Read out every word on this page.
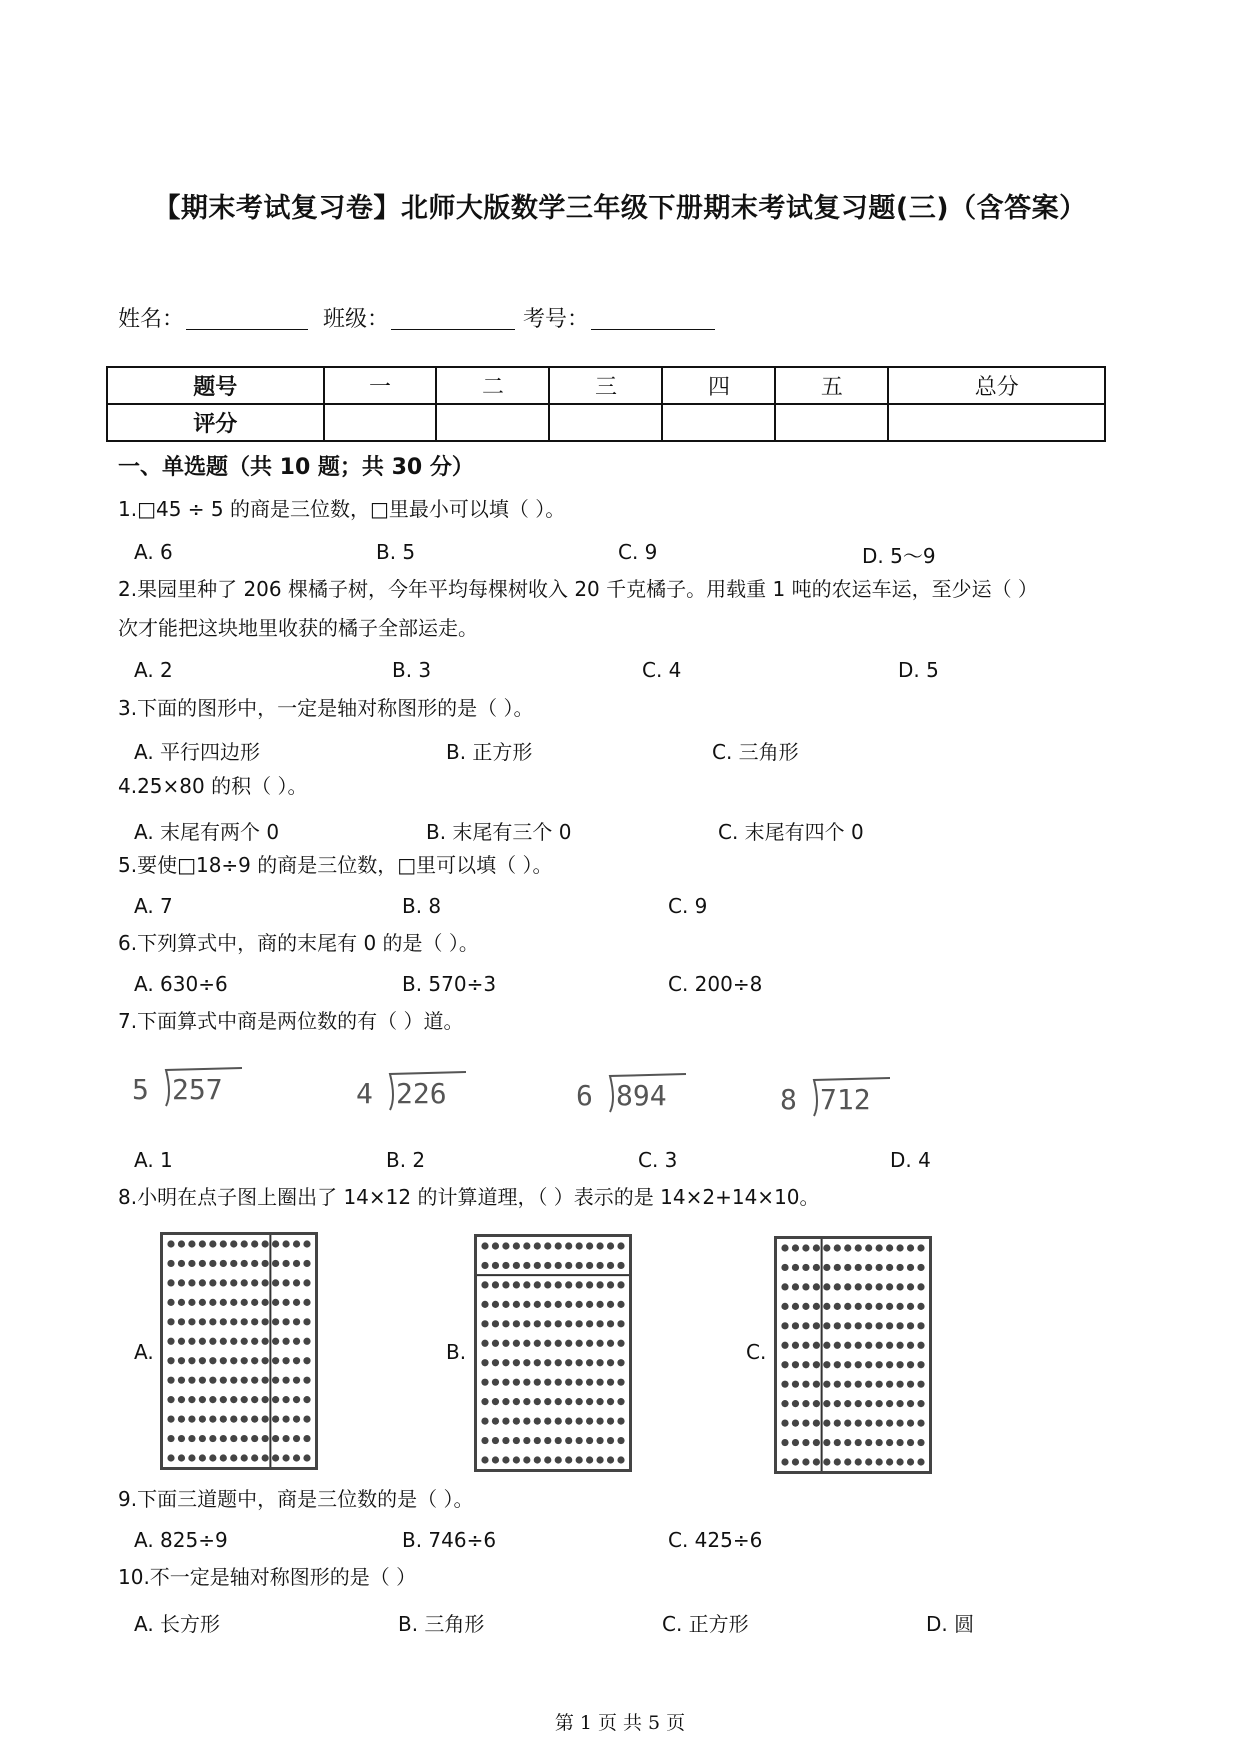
【期末考试复习卷】北师大版数学三年级下册期末考试复习题(三)（含答案）
姓名：	班级：	考号：
题号	一	二	三	四	五	总分
评分						
一、单选题（共 10 题；共 30 分）
1.□45 ÷ 5 的商是三位数，□里最小可以填（ ）。
A. 6	B. 5	C. 9	D. 5～9
2.果园里种了 206 棵橘子树，今年平均每棵树收入 20 千克橘子。用载重 1 吨的农运车运，至少运（ ）
次才能把这块地里收获的橘子全部运走。
A. 2	B. 3	C. 4	D. 5
3.下面的图形中，一定是轴对称图形的是（ ）。
A. 平行四边形	B. 正方形	C. 三角形
4.25×80 的积（ ）。
A. 末尾有两个 0	B. 末尾有三个 0	C. 末尾有四个 0
5.要使□18÷9 的商是三位数，□里可以填（ ）。
A. 7	B. 8	C. 9
6.下列算式中，商的末尾有 0 的是（ ）。
A. 630÷6	B. 570÷3	C. 200÷8
7.下面算式中商是两位数的有（ ）道。
5 257	4 226	6 894	8 712
A. 1	B. 2	C. 3	D. 4
8.小明在点子图上圈出了 14×12 的计算道理，（ ）表示的是 14×2+14×10。
A.	B.	C.
9.下面三道题中，商是三位数的是（ ）。
A. 825÷9	B. 746÷6	C. 425÷6
10.不一定是轴对称图形的是（ ）
A. 长方形	B. 三角形	C. 正方形	D. 圆
第 1 页 共 5 页
